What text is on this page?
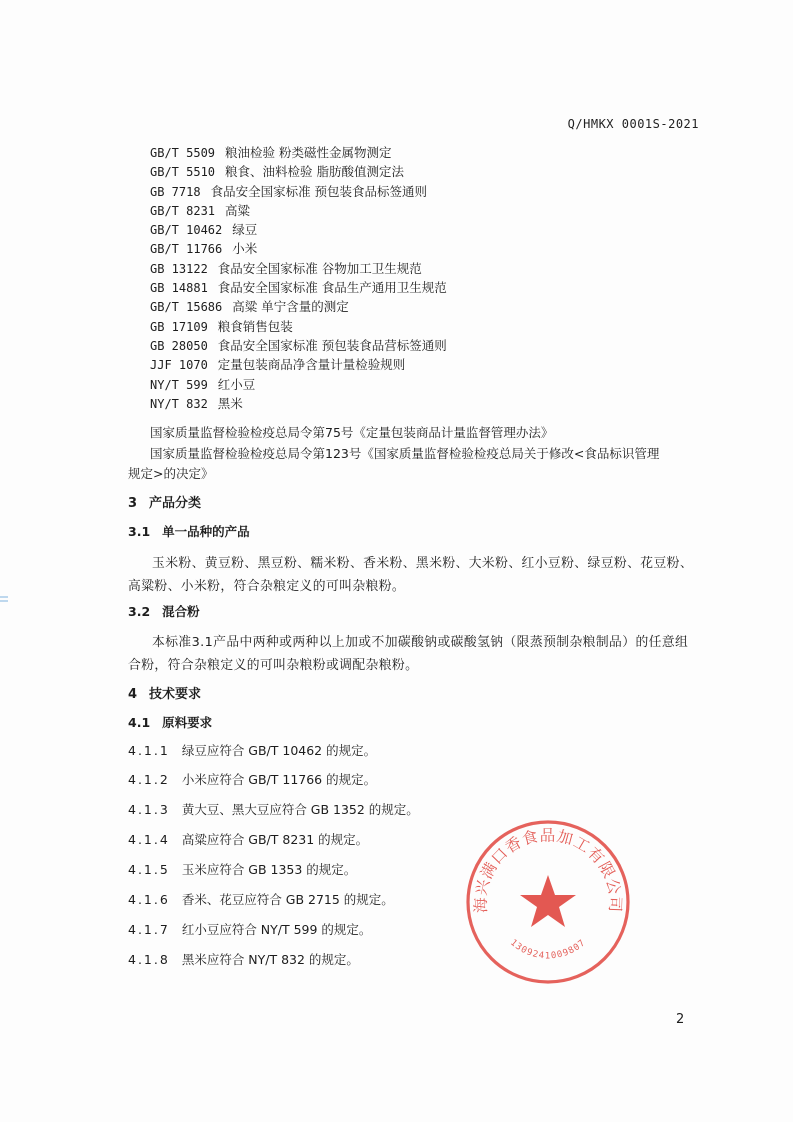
Q/HMKX 0001S-2021
GB/T 5509 粮油检验 粉类磁性金属物测定
GB/T 5510 粮食、油料检验 脂肪酸值测定法
GB 7718 食品安全国家标准 预包装食品标签通则
GB/T 8231 高粱
GB/T 10462 绿豆
GB/T 11766 小米
GB 13122 食品安全国家标准 谷物加工卫生规范
GB 14881 食品安全国家标准 食品生产通用卫生规范
GB/T 15686 高粱 单宁含量的测定
GB 17109 粮食销售包装
GB 28050 食品安全国家标准 预包装食品营标签通则
JJF 1070 定量包装商品净含量计量检验规则
NY/T 599 红小豆
NY/T 832 黑米
国家质量监督检验检疫总局令第75号《定量包装商品计量监督管理办法》
国家质量监督检验检疫总局令第123号《国家质量监督检验检疫总局关于修改<食品标识管理
规定>的决定》
3 产品分类
3.1 单一品种的产品
玉米粉、黄豆粉、黑豆粉、糯米粉、香米粉、黑米粉、大米粉、红小豆粉、绿豆粉、花豆粉、高粱粉、小米粉，符合杂粮定义的可叫杂粮粉。
3.2 混合粉
本标准3.1产品中两种或两种以上加或不加碳酸钠或碳酸氢钠（限蒸预制杂粮制品）的任意组合粉，符合杂粮定义的可叫杂粮粉或调配杂粮粉。
4 技术要求
4.1 原料要求
4.1.1 绿豆应符合 GB/T 10462 的规定。
4.1.2 小米应符合 GB/T 11766 的规定。
4.1.3 黄大豆、黑大豆应符合 GB 1352 的规定。
4.1.4 高粱应符合 GB/T 8231 的规定。
4.1.5 玉米应符合 GB 1353 的规定。
4.1.6 香米、花豆应符合 GB 2715 的规定。
4.1.7 红小豆应符合 NY/T 599 的规定。
4.1.8 黑米应符合 NY/T 832 的规定。
海兴满口香食品加工有限公司
1309241009807
2
